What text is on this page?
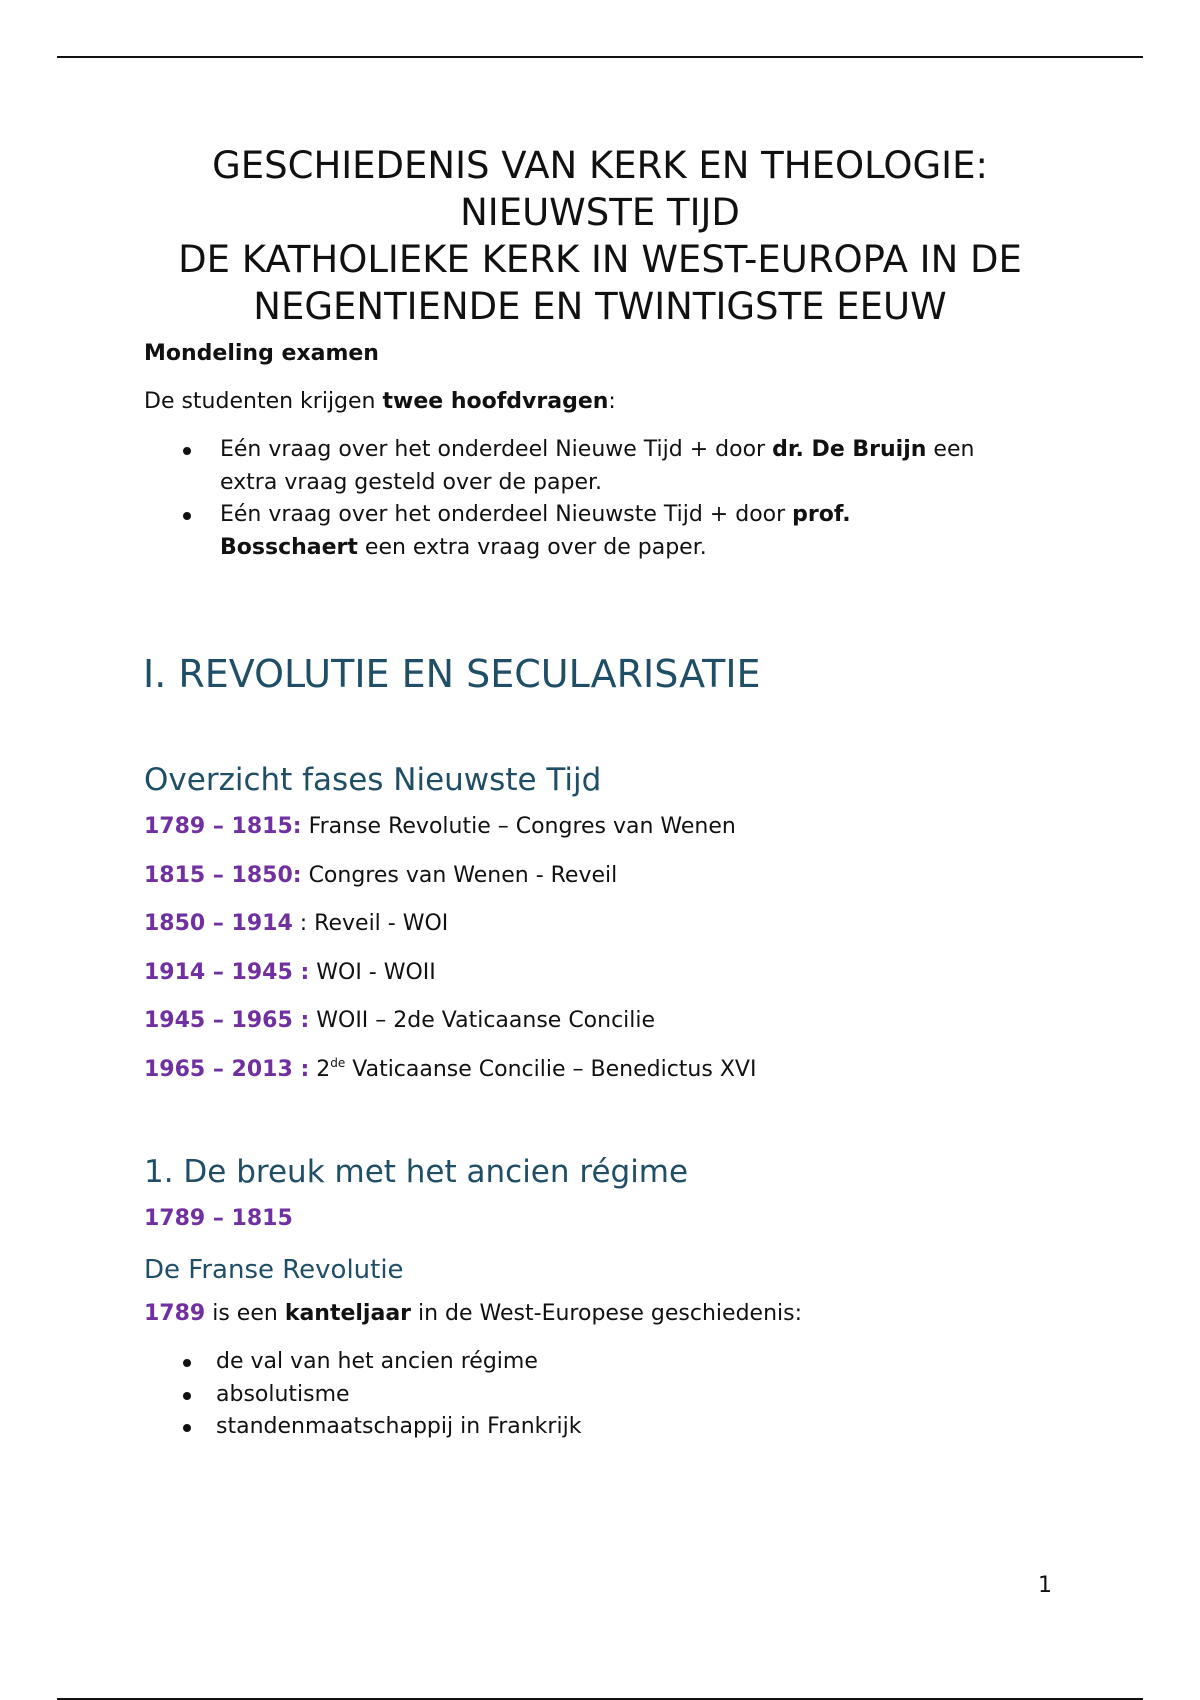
GESCHIEDENIS VAN KERK EN THEOLOGIE:
NIEUWSTE TIJD
DE KATHOLIEKE KERK IN WEST-EUROPA IN DE
NEGENTIENDE EN TWINTIGSTE EEUW
Mondeling examen
De studenten krijgen twee hoofdvragen:
Eén vraag over het onderdeel Nieuwe Tijd + door dr. De Bruijn een
extra vraag gesteld over de paper.
Eén vraag over het onderdeel Nieuwste Tijd + door prof.
Bosschaert een extra vraag over de paper.
I. REVOLUTIE EN SECULARISATIE
Overzicht fases Nieuwste Tijd
1789 – 1815: Franse Revolutie – Congres van Wenen
1815 – 1850: Congres van Wenen - Reveil
1850 – 1914 : Reveil - WOI
1914 – 1945 : WOI - WOII
1945 – 1965 : WOII – 2de Vaticaanse Concilie
1965 – 2013 : 2de Vaticaanse Concilie – Benedictus XVI
1. De breuk met het ancien régime
1789 – 1815
De Franse Revolutie
1789 is een kanteljaar in de West-Europese geschiedenis:
de val van het ancien régime
absolutisme
standenmaatschappij in Frankrijk
1
